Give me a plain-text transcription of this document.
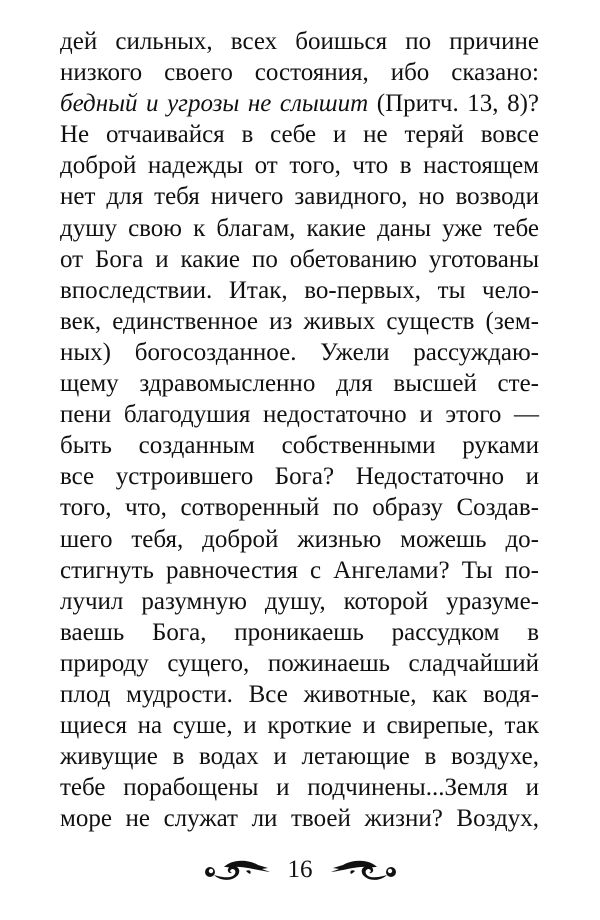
дей сильных, всех боишься по причине
низкого своего состояния, ибо сказано:
бедный и угрозы не слышит (Притч. 13, 8)?
Не отчаивайся в себе и не теряй вовсе
доброй надежды от того, что в настоящем
нет для тебя ничего завидного, но возводи
душу свою к благам, какие даны уже тебе
от Бога и какие по обетованию уготованы
впоследствии. Итак, во-первых, ты чело-
век, единственное из живых существ (зем-
ных) богосозданное. Ужели рассуждаю-
щему здравомысленно для высшей сте-
пени благодушия недостаточно и этого —
быть созданным собственными руками
все устроившего Бога? Недостаточно и
того, что, сотворенный по образу Создав-
шего тебя, доброй жизнью можешь до-
стигнуть равночестия с Ангелами? Ты по-
лучил разумную душу, которой уразуме-
ваешь Бога, проникаешь рассудком в
природу сущего, пожинаешь сладчайший
плод мудрости. Все животные, как водя-
щиеся на суше, и кроткие и свирепые, так
живущие в водах и летающие в воздухе,
тебе порабощены и подчинены...Земля и
море не служат ли твоей жизни? Воздух,
16
